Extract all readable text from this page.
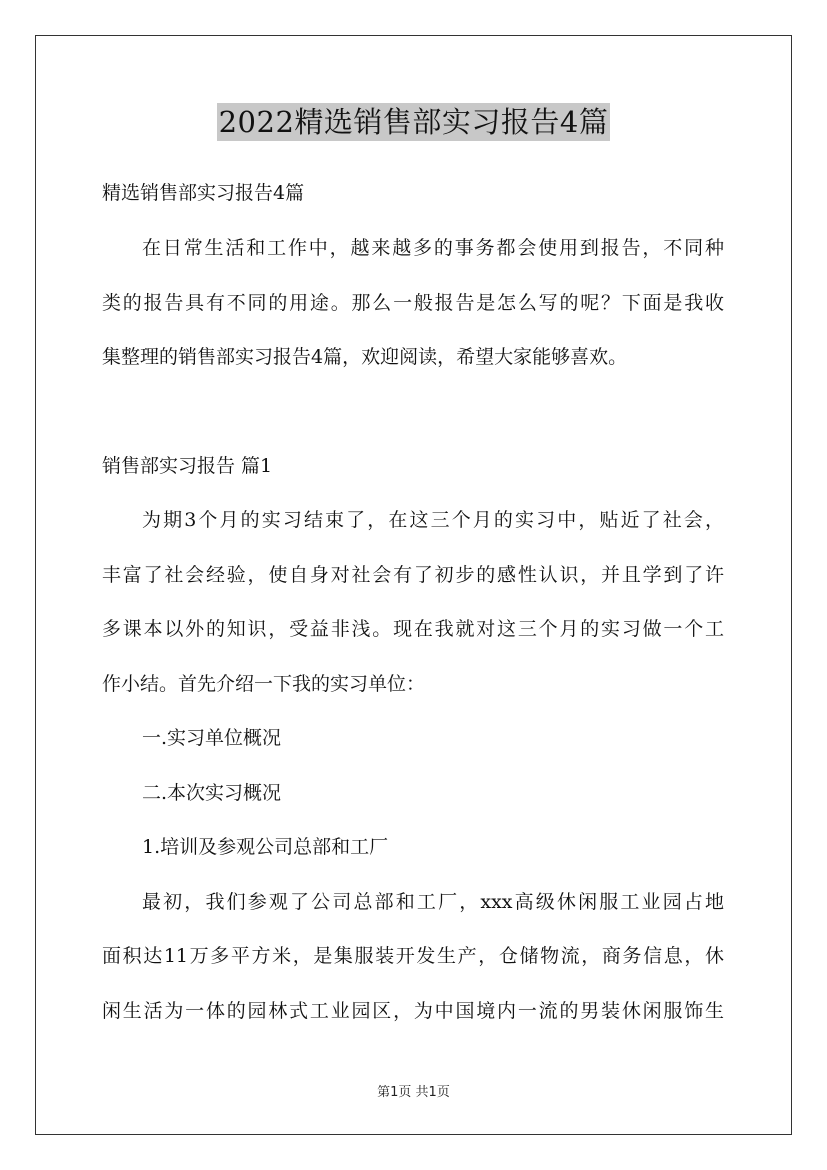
2022精选销售部实习报告4篇
精选销售部实习报告4篇
在日常生活和工作中，越来越多的事务都会使用到报告，不同种
类的报告具有不同的用途。那么一般报告是怎么写的呢？下面是我收
集整理的销售部实习报告4篇，欢迎阅读，希望大家能够喜欢。
销售部实习报告 篇1
为期3个月的实习结束了，在这三个月的实习中，贴近了社会，
丰富了社会经验，使自身对社会有了初步的感性认识，并且学到了许
多课本以外的知识，受益非浅。现在我就对这三个月的实习做一个工
作小结。首先介绍一下我的实习单位：
一.实习单位概况
二.本次实习概况
1.培训及参观公司总部和工厂
最初，我们参观了公司总部和工厂，xxx高级休闲服工业园占地
面积达11万多平方米，是集服装开发生产，仓储物流，商务信息，休
闲生活为一体的园林式工业园区，为中国境内一流的男装休闲服饰生
第1页 共1页
